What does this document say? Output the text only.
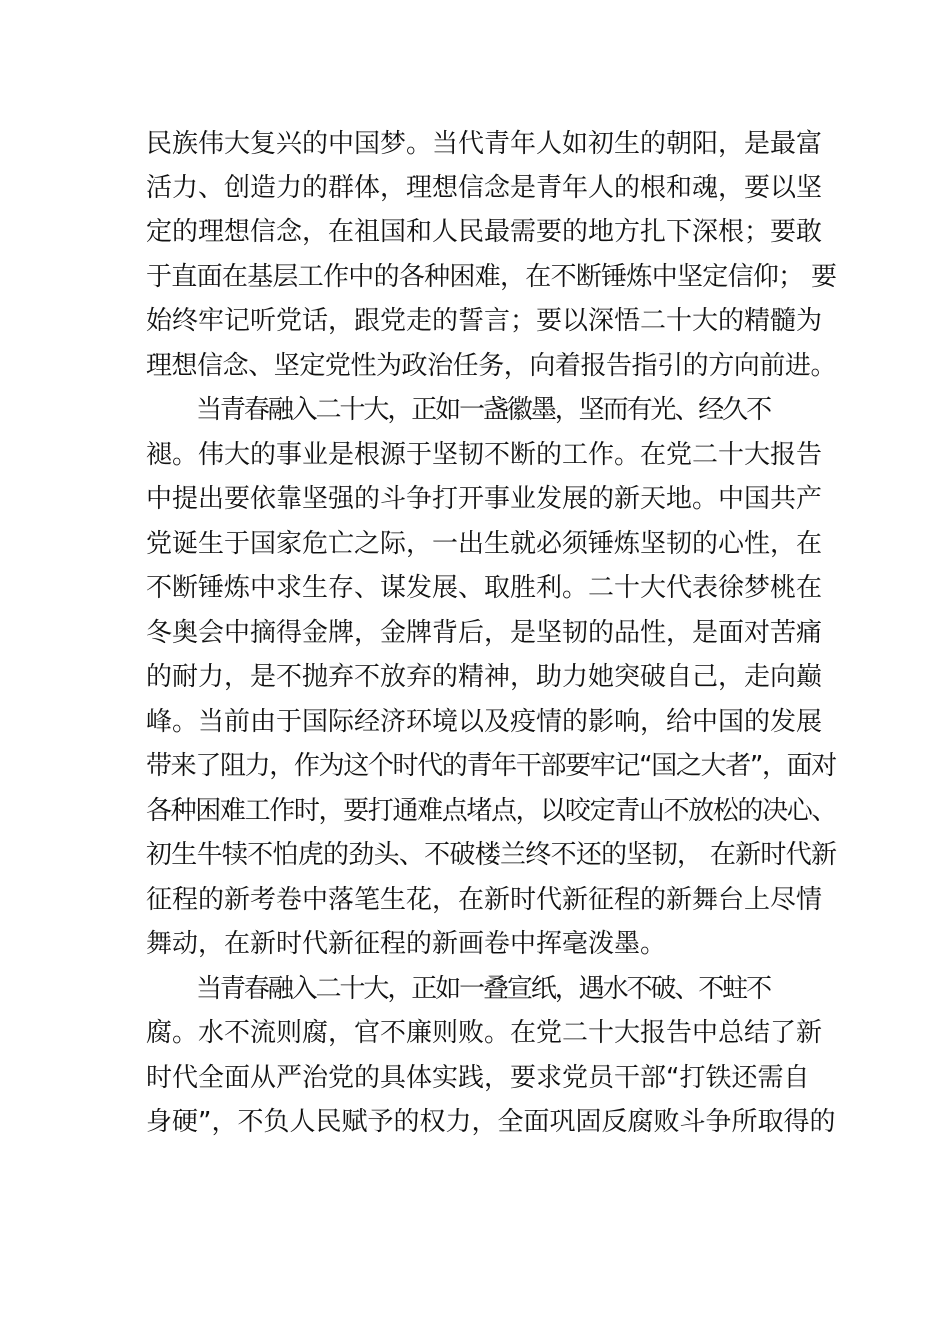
民族伟大复兴的中国梦。当代青年人如初生的朝阳，是最富
活力、创造力的群体，理想信念是青年人的根和魂，要以坚
定的理想信念，在祖国和人民最需要的地方扎下深根；要敢
于直面在基层工作中的各种困难，在不断锤炼中坚定信仰； 要
始终牢记听党话，跟党走的誓言；要以深悟二十大的精髓为
理想信念、坚定党性为政治任务，向着报告指引的方向前进。
当青春融入二十大，正如一盏徽墨，坚而有光、经久不
褪。伟大的事业是根源于坚韧不断的工作。在党二十大报告
中提出要依靠坚强的斗争打开事业发展的新天地。中国共产
党诞生于国家危亡之际，一出生就必须锤炼坚韧的心性，在
不断锤炼中求生存、谋发展、取胜利。二十大代表徐梦桃在
冬奥会中摘得金牌，金牌背后，是坚韧的品性，是面对苦痛
的耐力，是不抛弃不放弃的精神，助力她突破自己，走向巅
峰。当前由于国际经济环境以及疫情的影响，给中国的发展
带来了阻力，作为这个时代的青年干部要牢记“国之大者”，面对
各种困难工作时，要打通难点堵点，以咬定青山不放松的决心、
初生牛犊不怕虎的劲头、不破楼兰终不还的坚韧， 在新时代新
征程的新考卷中落笔生花，在新时代新征程的新舞台上尽情
舞动，在新时代新征程的新画卷中挥毫泼墨。
当青春融入二十大，正如一叠宣纸，遇水不破、不蛀不
腐。水不流则腐，官不廉则败。在党二十大报告中总结了新
时代全面从严治党的具体实践，要求党员干部“打铁还需自
身硬”，不负人民赋予的权力，全面巩固反腐败斗争所取得的
